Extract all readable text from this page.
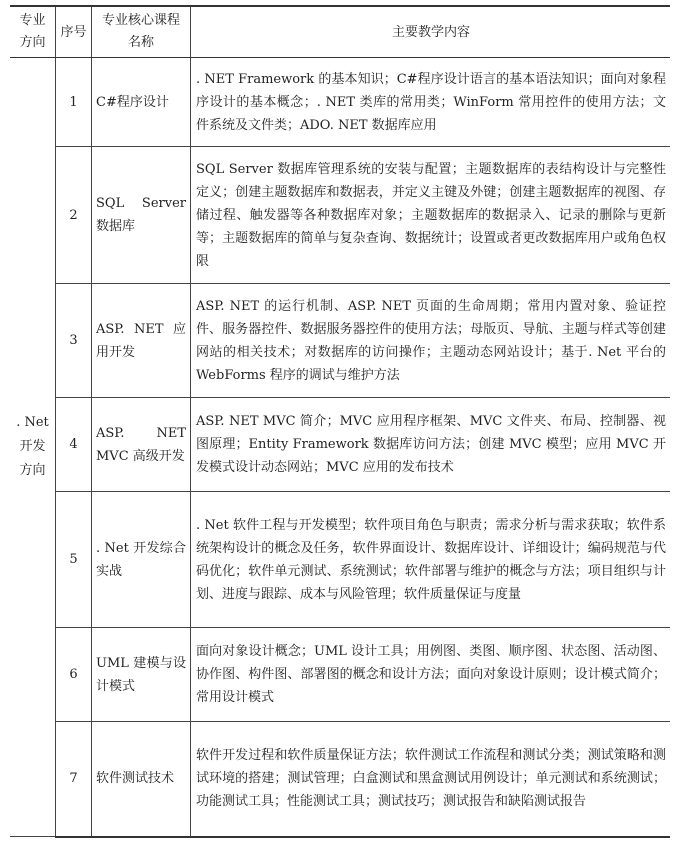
专业方向	序号	专业核心课程名称	主要教学内容
. Net开发方向	1	C#程序设计	. NET Framework 的基本知识；C#程序设计语言的基本语法知识；面向对象程序设计的基本概念；. NET 类库的常用类；WinForm 常用控件的使用方法；文件系统及文件类；ADO. NET 数据库应用
	2	SQL Server 数据库	SQL Server 数据库管理系统的安装与配置；主题数据库的表结构设计与完整性定义；创建主题数据库和数据表，并定义主键及外键；创建主题数据库的视图、存储过程、触发器等各种数据库对象；主题数据库的数据录入、记录的删除与更新等；主题数据库的简单与复杂查询、数据统计；设置或者更改数据库用户或角色权限
	3	ASP. NET 应用开发	ASP. NET 的运行机制、ASP. NET 页面的生命周期；常用内置对象、验证控件、服务器控件、数据服务器控件的使用方法；母版页、导航、主题与样式等创建网站的相关技术；对数据库的访问操作；主题动态网站设计；基于. Net 平台的 WebForms 程序的调试与维护方法
	4	ASP. NET MVC 高级开发	ASP. NET MVC 简介；MVC 应用程序框架、MVC 文件夹、布局、控制器、视图原理；Entity Framework 数据库访问方法；创建 MVC 模型；应用 MVC 开发模式设计动态网站；MVC 应用的发布技术
	5	. Net 开发综合实战	. Net 软件工程与开发模型；软件项目角色与职责；需求分析与需求获取；软件系统架构设计的概念及任务，软件界面设计、数据库设计、详细设计；编码规范与代码优化；软件单元测试、系统测试；软件部署与维护的概念与方法；项目组织与计划、进度与跟踪、成本与风险管理；软件质量保证与度量
	6	UML 建模与设计模式	面向对象设计概念；UML 设计工具；用例图、类图、顺序图、状态图、活动图、协作图、构件图、部署图的概念和设计方法；面向对象设计原则；设计模式简介；常用设计模式
	7	软件测试技术	软件开发过程和软件质量保证方法；软件测试工作流程和测试分类；测试策略和测试环境的搭建；测试管理；白盒测试和黑盒测试用例设计；单元测试和系统测试；功能测试工具；性能测试工具；测试技巧；测试报告和缺陷测试报告
